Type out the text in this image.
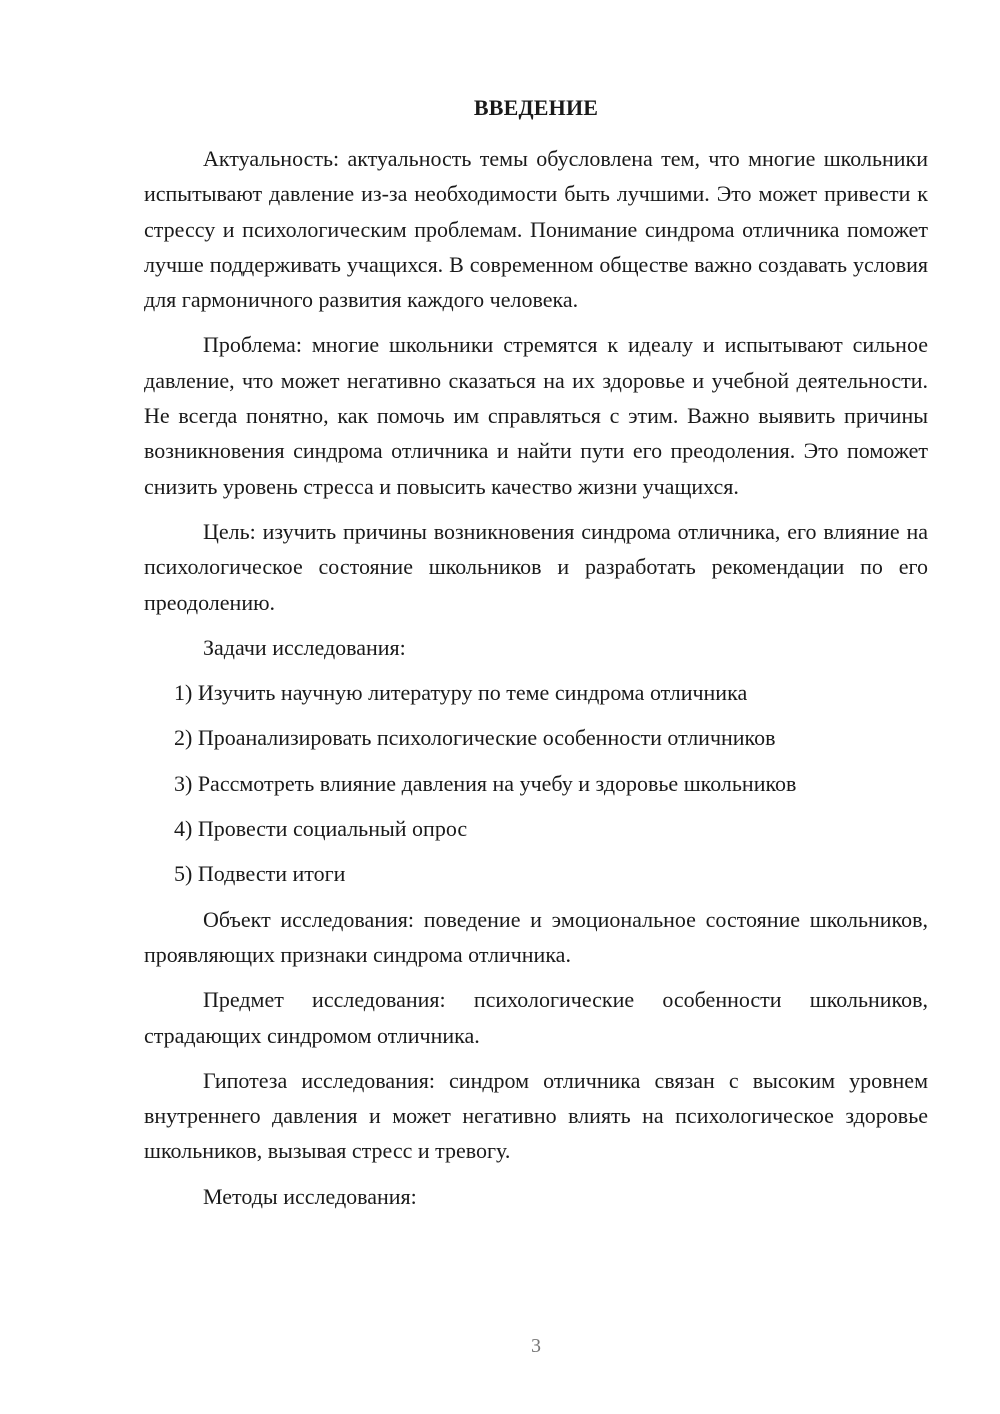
ВВЕДЕНИЕ

Актуальность: актуальность темы обусловлена тем, что многие школьники испытывают давление из-за необходимости быть лучшими. Это может привести к стрессу и психологическим проблемам. Понимание синдрома отличника поможет лучше поддерживать учащихся. В современном обществе важно создавать условия для гармоничного развития каждого человека.

Проблема: многие школьники стремятся к идеалу и испытывают сильное давление, что может негативно сказаться на их здоровье и учебной деятельности. Не всегда понятно, как помочь им справляться с этим. Важно выявить причины возникновения синдрома отличника и найти пути его преодоления. Это поможет снизить уровень стресса и повысить качество жизни учащихся.

Цель: изучить причины возникновения синдрома отличника, его влияние на психологическое состояние школьников и разработать рекомендации по его преодолению.

Задачи исследования:

1) Изучить научную литературу по теме синдрома отличника
2) Проанализировать психологические особенности отличников
3) Рассмотреть влияние давления на учебу и здоровье школьников
4) Провести социальный опрос
5) Подвести итоги

Объект исследования: поведение и эмоциональное состояние школьников, проявляющих признаки синдрома отличника.

Предмет исследования: психологические особенности школьников, страдающих синдромом отличника.

Гипотеза исследования: синдром отличника связан с высоким уровнем внутреннего давления и может негативно влиять на психологическое здоровье школьников, вызывая стресс и тревогу.

Методы исследования:

3
